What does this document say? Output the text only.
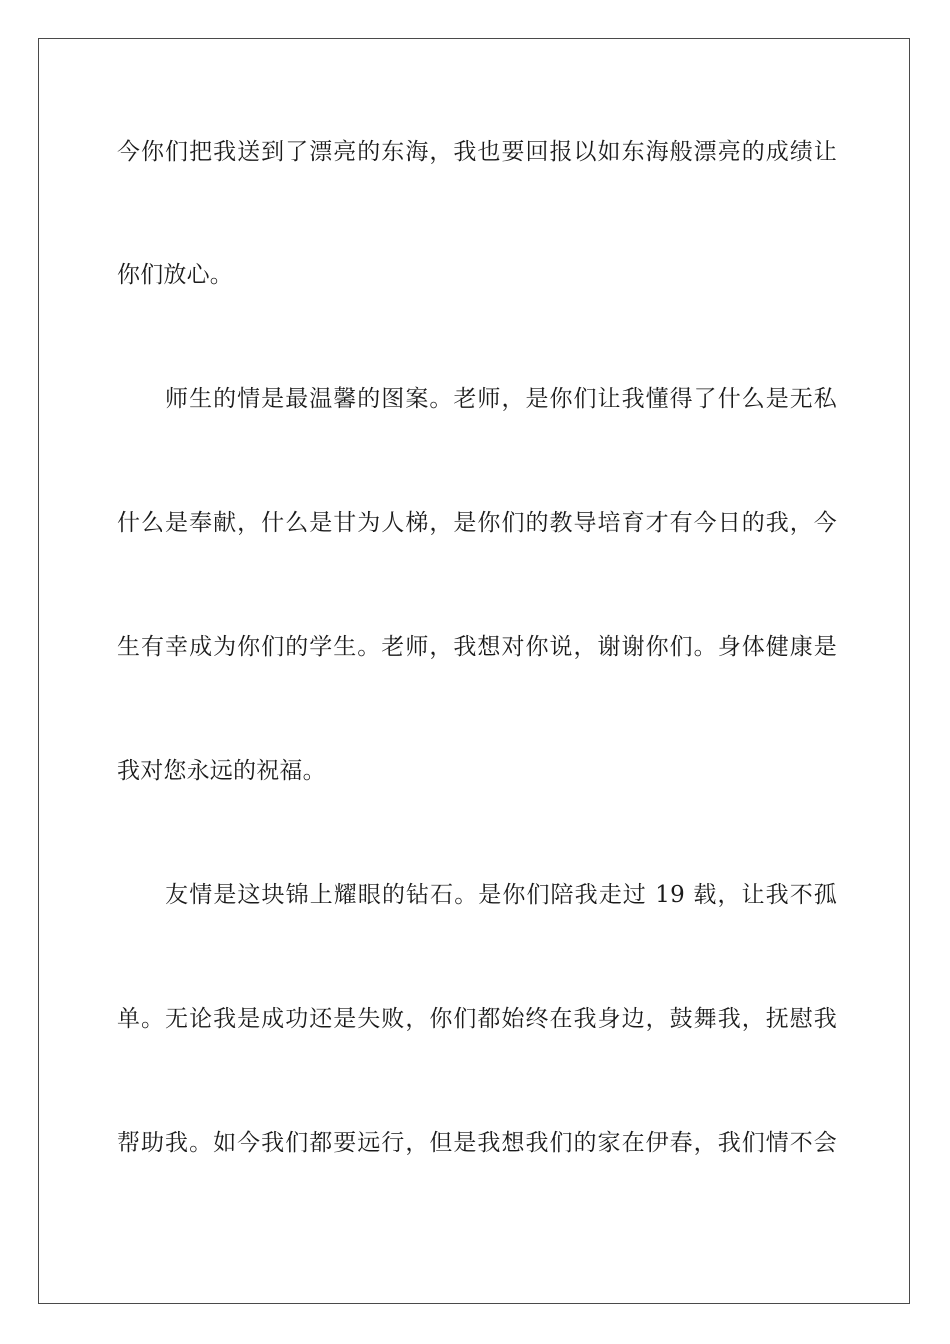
今你们把我送到了漂亮的东海，我也要回报以如东海般漂亮的成绩让
你们放心。
　　师生的情是最温馨的图案。老师，是你们让我懂得了什么是无私
什么是奉献，什么是甘为人梯，是你们的教导培育才有今日的我，今
生有幸成为你们的学生。老师，我想对你说，谢谢你们。身体健康是
我对您永远的祝福。
　　友情是这块锦上耀眼的钻石。是你们陪我走过 19 载，让我不孤
单。无论我是成功还是失败，你们都始终在我身边，鼓舞我，抚慰我
帮助我。如今我们都要远行，但是我想我们的家在伊春，我们情不会
